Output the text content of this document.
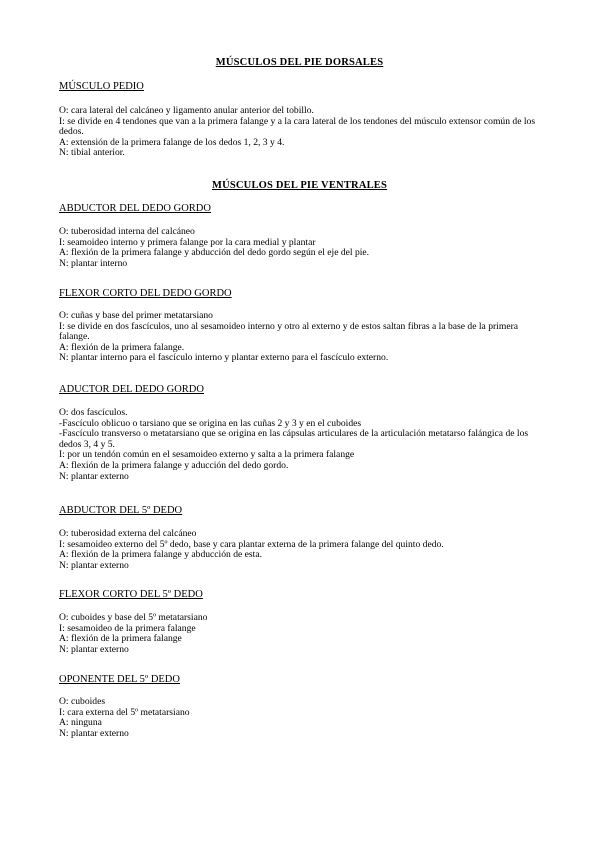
MÚSCULOS DEL PIE DORSALES
MÚSCULO PEDIO
O: cara lateral del calcáneo y ligamento anular anterior del tobillo.
I: se divide en 4 tendones que van a la primera falange y a la cara lateral de los tendones del músculo extensor común de los dedos.
A: extensión de la primera falange de los dedos 1, 2, 3 y 4.
N: tibial anterior.
MÚSCULOS DEL PIE VENTRALES
ABDUCTOR DEL DEDO GORDO
O: tuberosidad interna del calcáneo
I: seamoideo interno y primera falange por la cara medial y plantar
A: flexión de la primera falange y abducción del dedo gordo según el eje del pie.
N: plantar interno
FLEXOR CORTO DEL DEDO GORDO
O: cuñas y base del primer metatarsiano
I: se divide en dos fascículos, uno al sesamoideo interno y otro al externo y de estos saltan fibras a la base de la primera falange.
A: flexión de la primera falange.
N: plantar interno para el fascículo interno y plantar externo para el fascículo externo.
ADUCTOR DEL DEDO GORDO
O: dos fascículos.
-Fascículo oblicuo o tarsiano que se origina en las cuñas 2 y 3 y en el cuboides
-Fascículo transverso o metatarsiano que se origina en las cápsulas articulares de la articulación metatarso falángica de los dedos 3, 4 y 5.
I: por un tendón común en el sesamoideo externo y salta a la primera falange
A: flexión de la primera falange y aducción del dedo gordo.
N: plantar externo
ABDUCTOR DEL 5º DEDO
O: tuberosidad externa del calcáneo
I: sesamoideo externo del 5º dedo, base y cara plantar externa de la primera falange del quinto dedo.
A: flexión de la primera falange y abducción de esta.
N: plantar externo
FLEXOR CORTO DEL 5º DEDO
O: cuboides y base del 5º metatarsiano
I: sesamoideo de la primera falange
A: flexión de la primera falange
N: plantar externo
OPONENTE DEL 5º DEDO
O: cuboides
I: cara externa del 5º metatarsiano
A: ninguna
N: plantar externo
